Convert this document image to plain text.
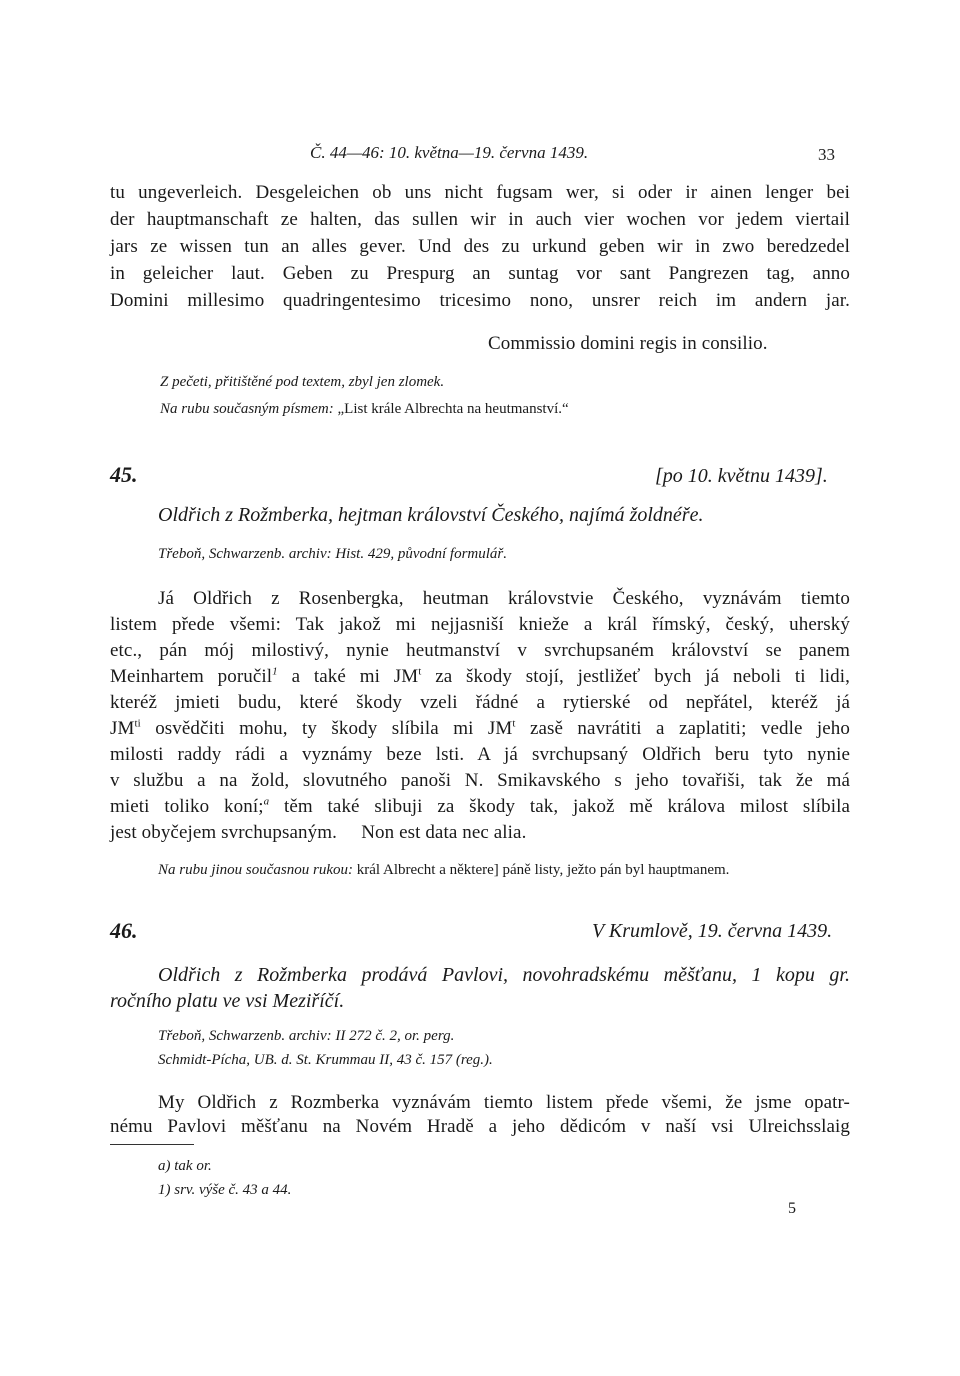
Č. 44—46: 10. května—19. června 1439.	33
tu ungeverleich. Desgeleichen ob uns nicht fugsam wer, si oder ir ainen lenger bei
der hauptmanschaft ze halten, das sullen wir in auch vier wochen vor jedem viertail
jars ze wissen tun an alles gever. Und des zu urkund geben wir in zwo beredzedel
in geleicher laut. Geben zu Prespurg an suntag vor sant Pangrezen tag, anno
Domini millesimo quadringentesimo tricesimo nono, unsrer reich im andern jar.
Commissio domini regis in consilio.
Z pečeti, přitištěné pod textem, zbyl jen zlomek.
Na rubu současným písmem: „List krále Albrechta na heutmanství.“
45.	[po 10. květnu 1439].
Oldřich z Rožmberka, hejtman království Českého, najímá žoldnéře.
Třeboň, Schwarzenb. archiv: Hist. 429, původní formulář.
Já Oldřich z Rosenbergka, heutman královstvie Českého, vyznávám tiemto
listem přede všemi: Tak jakož mi nejjasniší knieže a král římský, český, uherský
etc., pán mój milostivý, nynie heutmanství v svrchupsaném království se panem
Meinhartem poručil$^1$ a také mi $JM^t$ za škody stojí, jestližeť bych já neboli ti lidi,
kteréž jmieti budu, které škody vzeli řádné a rytierské od nepřátel, kteréž já
$JM^{ti}$ osvědčiti mohu, ty škody slíbila mi $JM^t$ zasě navrátiti a zaplatiti; vedle jeho
milosti raddy rádi a vyznámy beze lsti. A já svrchupsaný Oldřich beru tyto nynie
v službu a na žold, slovutného panoši N. Smikavského s jeho tovařiši, tak že má
mieti toliko koní;$^a$ těm také slibuji za škody tak, jakož mě králova milost slíbila
jest obyčejem svrchupsaným.     Non est data nec alia.
Na rubu jinou současnou rukou: král Albrecht a některe] páně listy, ježto pán byl hauptmanem.
46.	V Krumlově, 19. června 1439.
Oldřich z Rožmberka prodává Pavlovi, novohradskému měšťanu, 1 kopu gr.
ročního platu ve vsi Meziříčí.
Třeboň, Schwarzenb. archiv: II 272 č. 2, or. perg.
Schmidt-Pícha, UB. d. St. Krummau II, 43 č. 157 (reg.).
My Oldřich z Rozmberka vyznávám tiemto listem přede všemi, že jsme opatr-
nému Pavlovi měšťanu na Novém Hradě a jeho dědicóm v naší vsi Ulreichsslaig
a) tak or.
1) srv. výše č. 43 a 44.
5
